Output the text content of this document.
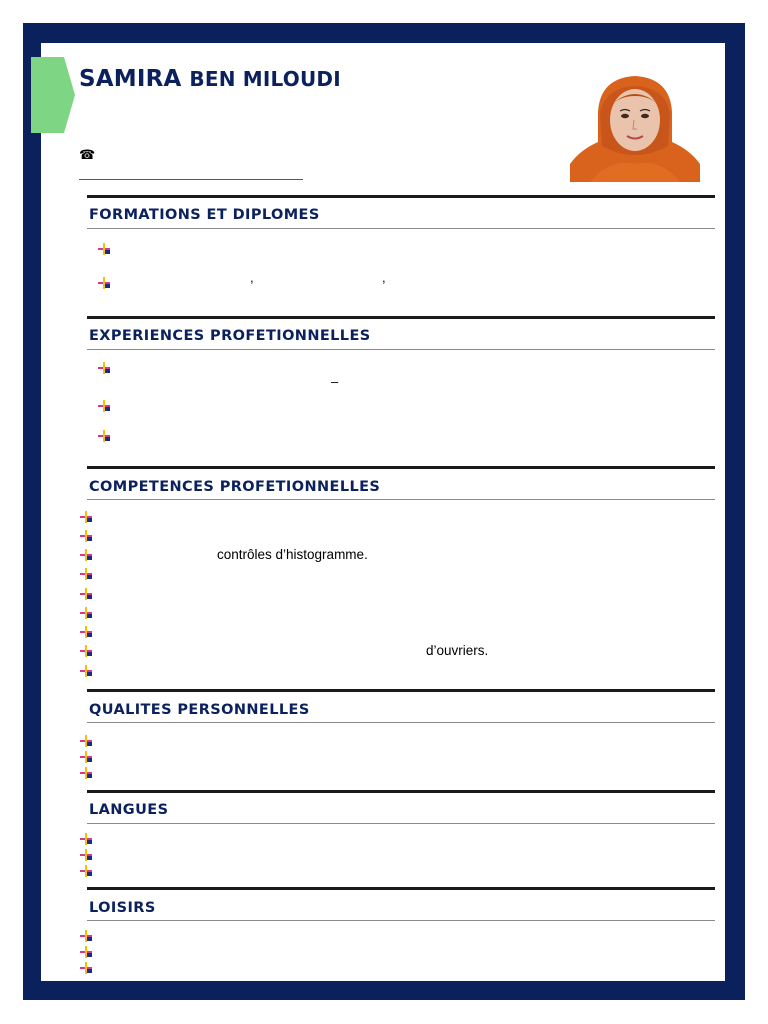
SAMIRA BEN MILOUDI
☎
FORMATIONS ET DIPLOMES
,	,
EXPERIENCES PROFETIONNELLES
–
COMPETENCES PROFETIONNELLES
contrôles d’histogramme.
d’ouvriers.
QUALITES PERSONNELLES
LANGUES
LOISIRS
